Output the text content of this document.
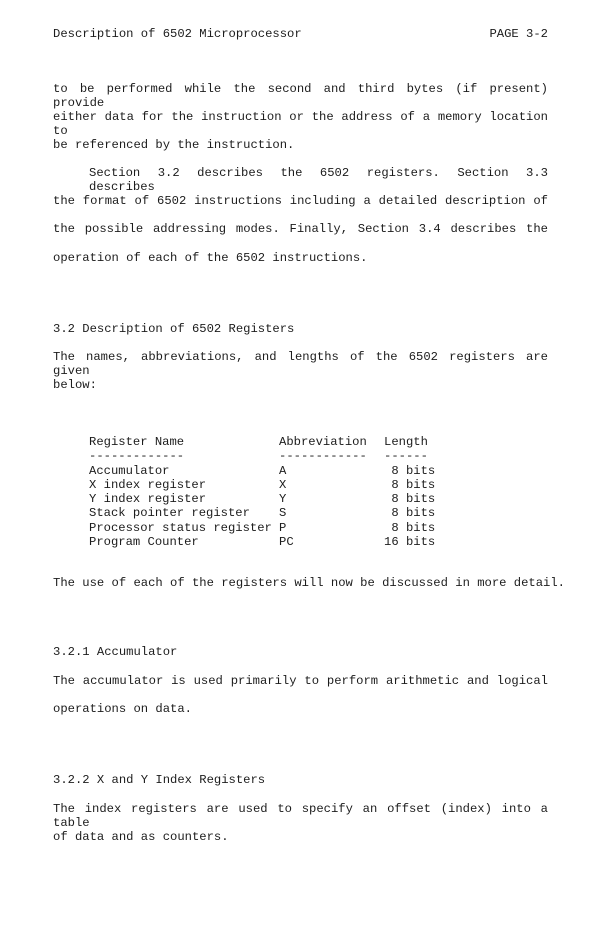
Description of 6502 Microprocessor	PAGE 3-2
to be performed while the second and third bytes (if present) provide
either data for the instruction or the address of a memory location to
be referenced by the instruction.
Section 3.2 describes the 6502 registers. Section 3.3 describes
the format of 6502 instructions including a detailed description of
the possible addressing modes. Finally, Section 3.4 describes the
operation of each of the 6502 instructions.
3.2 Description of 6502 Registers
The names, abbreviations, and lengths of the 6502 registers are given
below:
Register Name	Abbreviation	Length
-------------	------------	------
Accumulator	A	8 bits
X index register	X	8 bits
Y index register	Y	8 bits
Stack pointer register	S	8 bits
Processor status register	P	8 bits
Program Counter	PC	16 bits
The use of each of the registers will now be discussed in more detail.
3.2.1 Accumulator
The accumulator is used primarily to perform arithmetic and logical
operations on data.
3.2.2 X and Y Index Registers
The index registers are used to specify an offset (index) into a table
of data and as counters.
